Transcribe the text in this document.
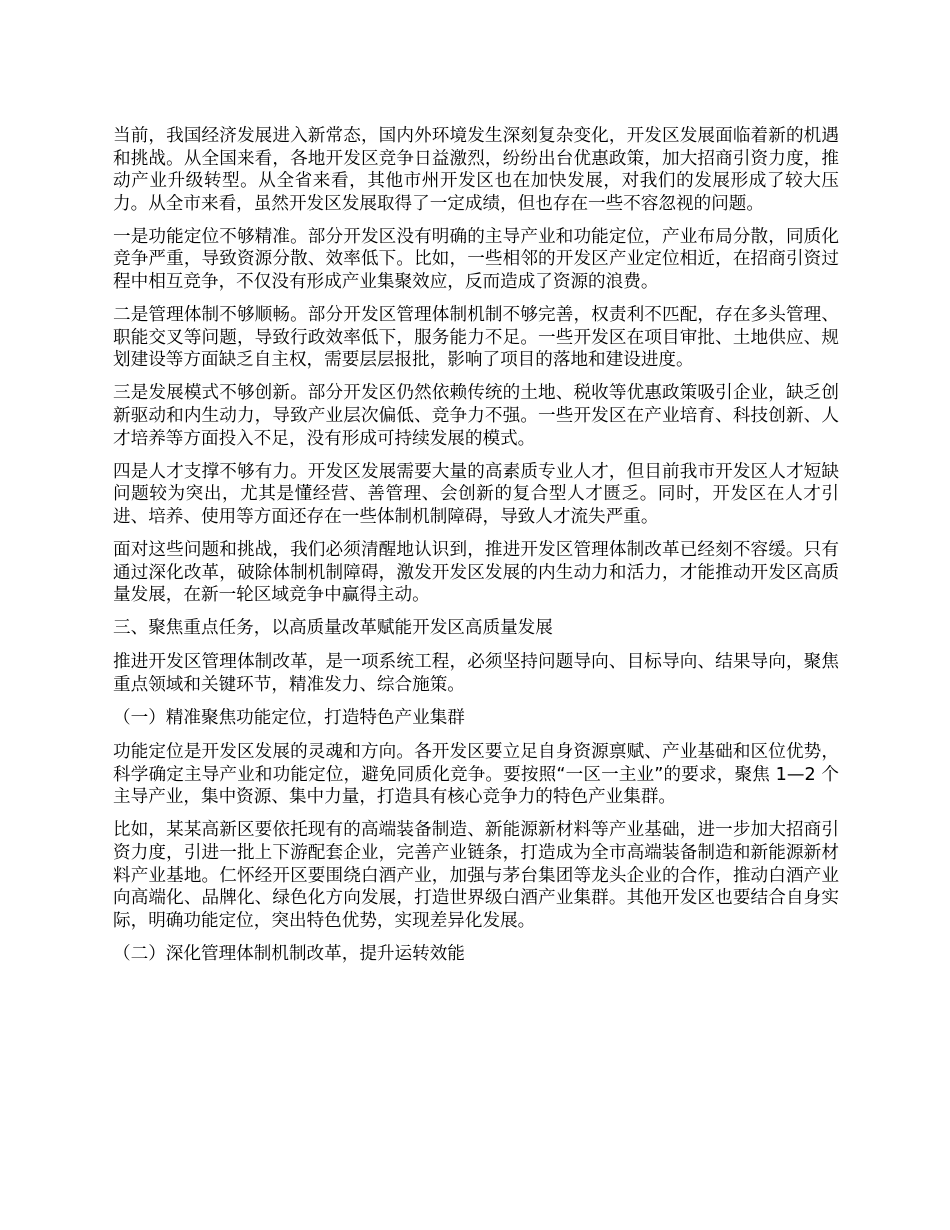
当前，我国经济发展进入新常态，国内外环境发生深刻复杂变化，开发区发展面临着新的机遇和挑战。从全国来看，各地开发区竞争日益激烈，纷纷出台优惠政策，加大招商引资力度，推动产业升级转型。从全省来看，其他市州开发区也在加快发展，对我们的发展形成了较大压力。从全市来看，虽然开发区发展取得了一定成绩，但也存在一些不容忽视的问题。

一是功能定位不够精准。部分开发区没有明确的主导产业和功能定位，产业布局分散，同质化竞争严重，导致资源分散、效率低下。比如，一些相邻的开发区产业定位相近，在招商引资过程中相互竞争，不仅没有形成产业集聚效应，反而造成了资源的浪费。

二是管理体制不够顺畅。部分开发区管理体制机制不够完善，权责利不匹配，存在多头管理、职能交叉等问题，导致行政效率低下，服务能力不足。一些开发区在项目审批、土地供应、规划建设等方面缺乏自主权，需要层层报批，影响了项目的落地和建设进度。

三是发展模式不够创新。部分开发区仍然依赖传统的土地、税收等优惠政策吸引企业，缺乏创新驱动和内生动力，导致产业层次偏低、竞争力不强。一些开发区在产业培育、科技创新、人才培养等方面投入不足，没有形成可持续发展的模式。

四是人才支撑不够有力。开发区发展需要大量的高素质专业人才，但目前我市开发区人才短缺问题较为突出，尤其是懂经营、善管理、会创新的复合型人才匮乏。同时，开发区在人才引进、培养、使用等方面还存在一些体制机制障碍，导致人才流失严重。

面对这些问题和挑战，我们必须清醒地认识到，推进开发区管理体制改革已经刻不容缓。只有通过深化改革，破除体制机制障碍，激发开发区发展的内生动力和活力，才能推动开发区高质量发展，在新一轮区域竞争中赢得主动。

三、聚焦重点任务，以高质量改革赋能开发区高质量发展

推进开发区管理体制改革，是一项系统工程，必须坚持问题导向、目标导向、结果导向，聚焦重点领域和关键环节，精准发力、综合施策。

（一）精准聚焦功能定位，打造特色产业集群

功能定位是开发区发展的灵魂和方向。各开发区要立足自身资源禀赋、产业基础和区位优势，科学确定主导产业和功能定位，避免同质化竞争。要按照“一区一主业”的要求，聚焦 1—2 个主导产业，集中资源、集中力量，打造具有核心竞争力的特色产业集群。

比如，某某高新区要依托现有的高端装备制造、新能源新材料等产业基础，进一步加大招商引资力度，引进一批上下游配套企业，完善产业链条，打造成为全市高端装备制造和新能源新材料产业基地。仁怀经开区要围绕白酒产业，加强与茅台集团等龙头企业的合作，推动白酒产业向高端化、品牌化、绿色化方向发展，打造世界级白酒产业集群。其他开发区也要结合自身实际，明确功能定位，突出特色优势，实现差异化发展。

（二）深化管理体制机制改革，提升运转效能
